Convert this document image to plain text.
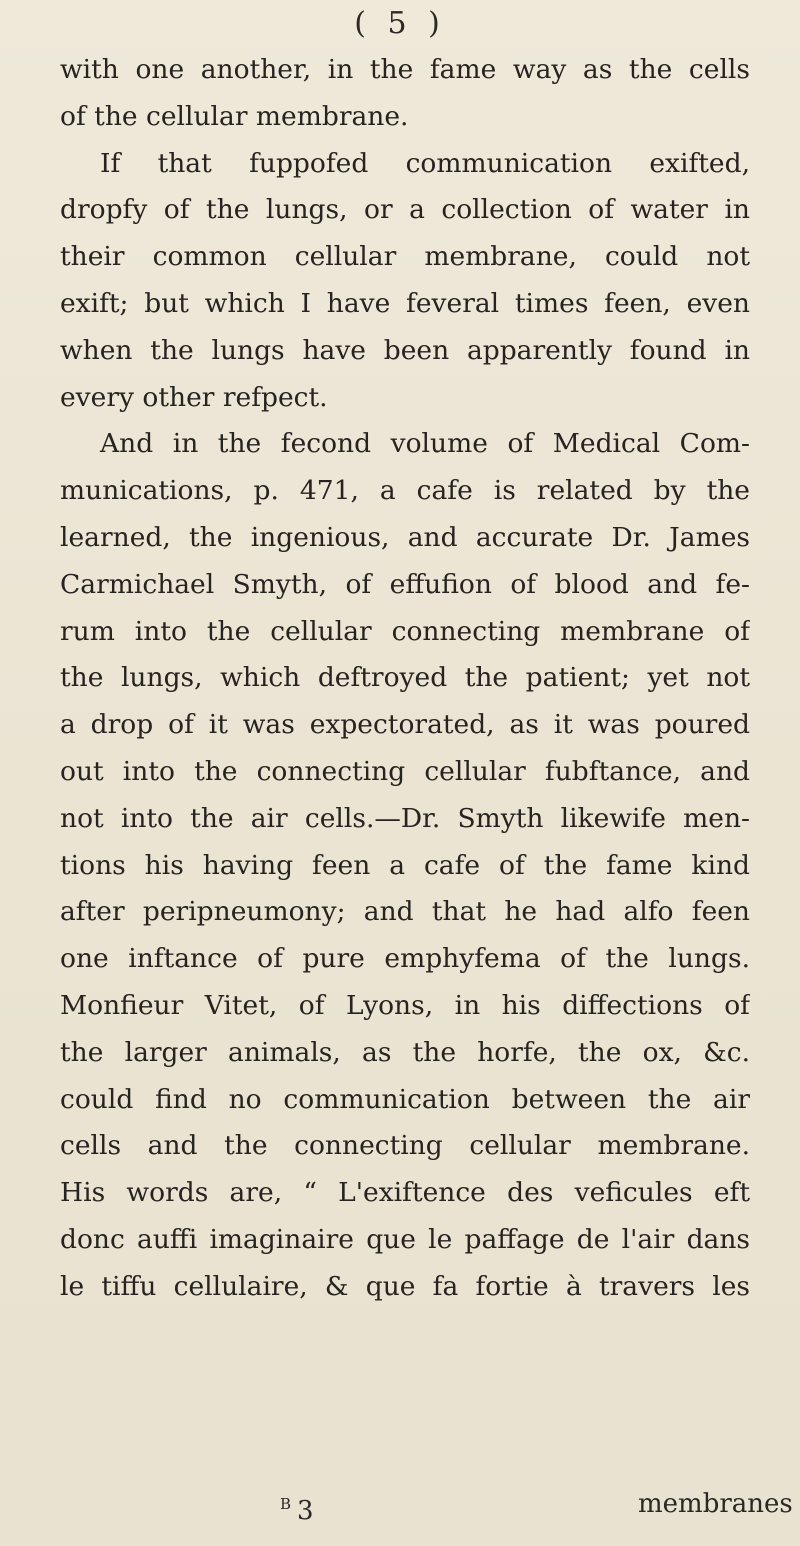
( 5 )
with one another, in the fame way as the cells
of the cellular membrane.
If that fuppofed communication exifted,
dropfy of the lungs, or a collection of water in
their common cellular membrane, could not
exift; but which I have feveral times feen, even
when the lungs have been apparently found in
every other refpect.
And in the fecond volume of Medical Com-
munications, p. 471, a cafe is related by the
learned, the ingenious, and accurate Dr. James
Carmichael Smyth, of effufion of blood and fe-
rum into the cellular connecting membrane of
the lungs, which deftroyed the patient; yet not
a drop of it was expectorated, as it was poured
out into the connecting cellular fubftance, and
not into the air cells.—Dr. Smyth likewife men-
tions his having feen a cafe of the fame kind
after peripneumony; and that he had alfo feen
one inftance of pure emphyfema of the lungs.
Monfieur Vitet, of Lyons, in his diffections of
the larger animals, as the horfe, the ox, &c.
could find no communication between the air
cells and the connecting cellular membrane.
His words are, “ L'exiftence des veficules eft
donc auffi imaginaire que le paffage de l'air dans
le tiffu cellulaire, & que fa fortie à travers les
$^B$ 3	membranes
